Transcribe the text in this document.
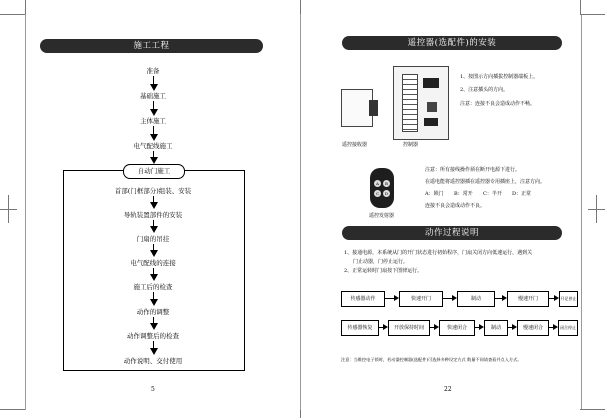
施工工程
准备
基础施工
主体施工
电气配线施工
自动门施工
首部(门框部分)组装、安装
导轨装置部件的安装
门扇的吊挂
电气配线的连接
施工后的检查
动作的调整
动作调整后的检查
动作说明、交付使用
5
遥控器(选配件)的安装
遥控接收器	控制器
1、按图示方向插拔控制器端板上。
2、注意插头的方向。
注意：连接不良会造成动作不畅。
A	B
C	D
遥控发射器
注意：所有接线操作须在断开电源下进行。
在遥电能将遥控器插在遥控器专用插座上，注意方向。
A：锁门 B：常开 C：半开 D：正常
连接不良会造成动作不良。
动作过程说明
1、接通电源，本系统从门的开门状态进行初始程序，门扇关闭方向低速运行，遇到关
门止动器，门停止运行。
2、正常运转时门扇按下图律运行。
传感器动作	快速开门	制动	慢速开门	开足停止
传感器恢复	开放保持时间	快速闭合	制动	慢速闭合	闭合停止
注意：当维控电子锁时，若动器控制器(选配件)可选择多种设定方式 数量不同请查看并点入方式。
22
